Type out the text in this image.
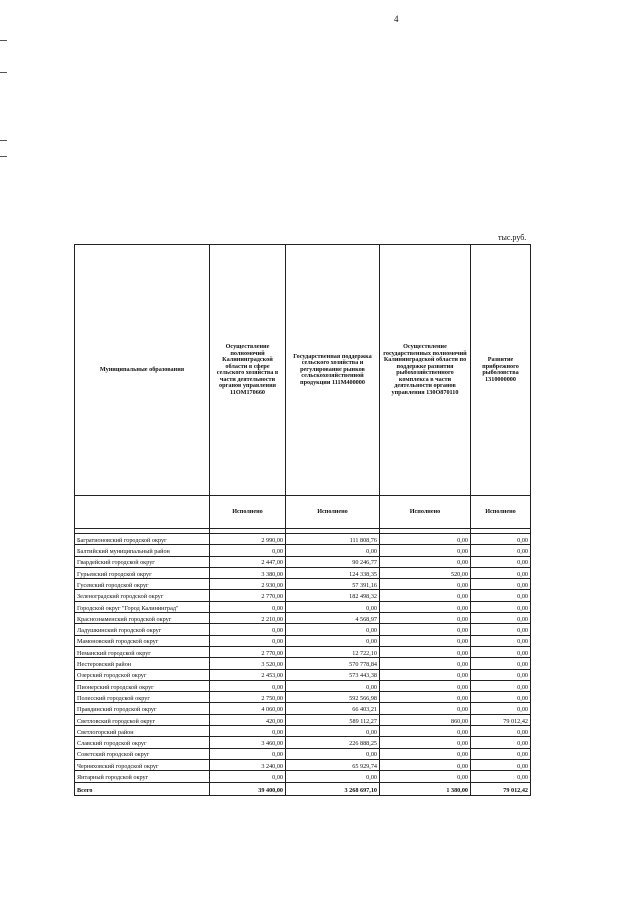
4
тыс.руб.
Муниципальные образования	Осуществление полномочий Калининградской области в сфере сельского хозяйства в части деятельности органов управления 11ОМ170660	Государственная поддержка сельского хозяйства и регулирование рынков сельскохозяйственной продукции 111М400000	Осуществление государственных полномочий Калининградской области по поддержке развития рыбохозяйственного комплекса в части деятельности органов управления 130О870110	Развитие прибрежного рыболовства 1310000000
	Исполнено	Исполнено	Исполнено	Исполнено

Багратионовский городской округ	2 990,00	111 808,76	0,00	0,00
Балтийский муниципальный район	0,00	0,00	0,00	0,00
Гвардейский городской округ	2 447,00	90 246,77	0,00	0,00
Гурьевский городской округ	3 380,00	124 338,35	520,00	0,00
Гусевский городской округ	2 930,00	57 391,16	0,00	0,00
Зеленоградский городской округ	2 770,00	182 498,32	0,00	0,00
Городской округ "Город Калининград"	0,00	0,00	0,00	0,00
Краснознаменский городской округ	2 210,00	4 568,97	0,00	0,00
Ладушкинский городской округ	0,00	0,00	0,00	0,00
Мамоновский городской округ	0,00	0,00	0,00	0,00
Неманский городской округ	2 770,00	12 722,10	0,00	0,00
Нестеровский район	3 520,00	570 778,84	0,00	0,00
Озерский городской округ	2 453,00	573 443,38	0,00	0,00
Пионерский городской округ	0,00	0,00	0,00	0,00
Полесский городской округ	2 750,00	592 566,98	0,00	0,00
Правдинский городской округ	4 060,00	66 403,21	0,00	0,00
Светловский городской округ	420,00	589 112,27	860,00	79 012,42
Светлогорский район	0,00	0,00	0,00	0,00
Славский городской округ	3 460,00	226 888,25	0,00	0,00
Советский городской округ	0,00	0,00	0,00	0,00
Черняховский городской округ	3 240,00	65 929,74	0,00	0,00
Янтарный городской округ	0,00	0,00	0,00	0,00
Всего	39 400,00	3 268 697,10	1 380,00	79 012,42
